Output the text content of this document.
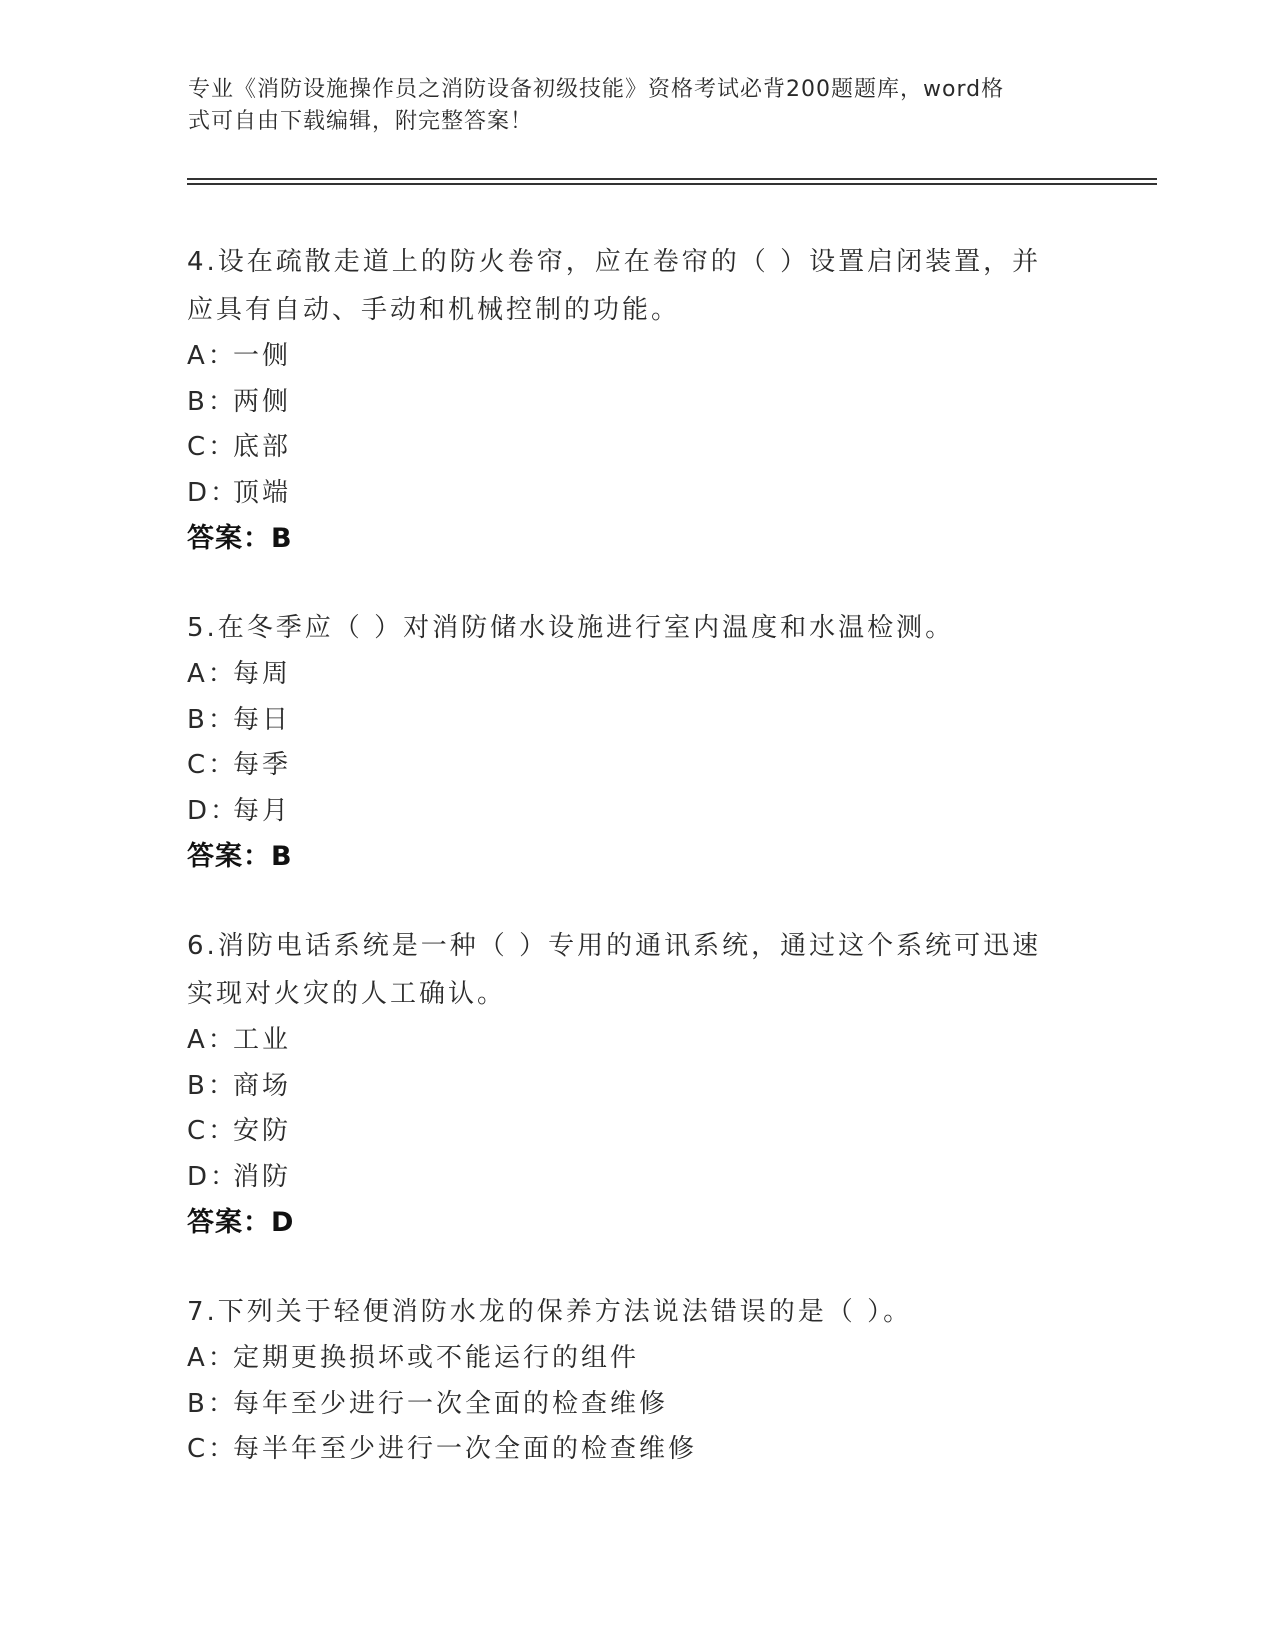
专业《消防设施操作员之消防设备初级技能》资格考试必背200题题库，word格
式可自由下载编辑，附完整答案！

4.设在疏散走道上的防火卷帘，应在卷帘的（ ）设置启闭装置，并应具有自动、手动和机械控制的功能。

A：一侧
B：两侧
C：底部
D：顶端
答案：B

5.在冬季应（ ）对消防储水设施进行室内温度和水温检测。

A：每周
B：每日
C：每季
D：每月
答案：B

6.消防电话系统是一种（ ）专用的通讯系统，通过这个系统可迅速实现对火灾的人工确认。

A：工业
B：商场
C：安防
D：消防
答案：D

7.下列关于轻便消防水龙的保养方法说法错误的是（ ）。

A：定期更换损坏或不能运行的组件
B：每年至少进行一次全面的检查维修
C：每半年至少进行一次全面的检查维修
